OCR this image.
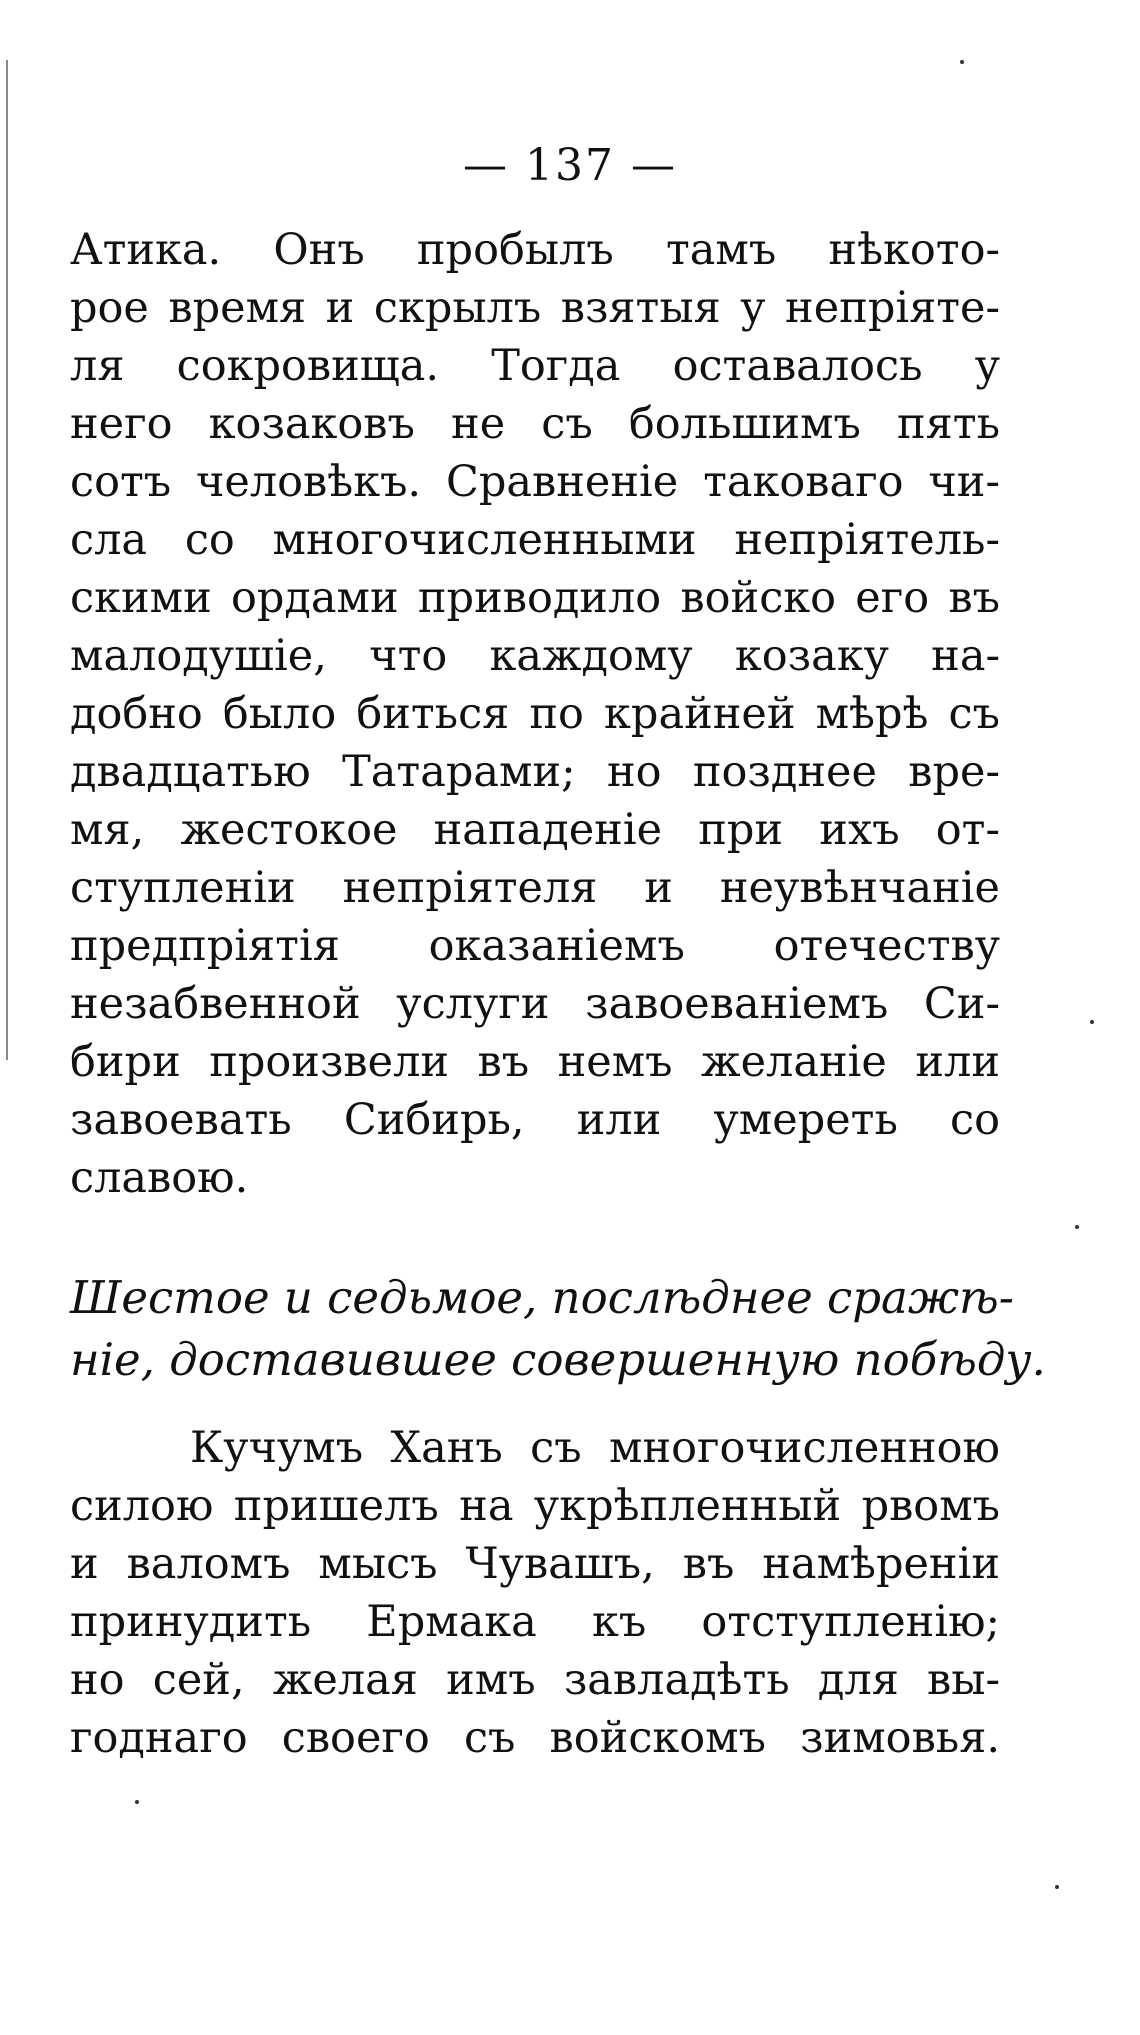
— 137 —
Атика. Онъ пробылъ тамъ нѣкото-
рое время и скрылъ взятыя у непріяте-
ля сокровища. Тогда оставалось у
него козаковъ не съ большимъ пять
сотъ человѣкъ. Сравненіе таковаго чи-
сла со многочисленными непріятель-
скими ордами приводило войско его въ
малодушіе, что каждому козаку на-
добно было биться по крайней мѣрѣ съ
двадцатью Татарами; но позднее вре-
мя, жестокое нападеніе при ихъ от-
ступленіи непріятеля и неувѣнчаніе
предпріятія оказаніемъ отечеству
незабвенной услуги завоеваніемъ Си-
бири произвели въ немъ желаніе или
завоевать Сибирь, или умереть со
славою.
Шестое и седьмое, послѣднее сражѣ-
ніе, доставившее совершенную побѣду.
Кучумъ Ханъ съ многочисленною
силою пришелъ на укрѣпленный рвомъ
и валомъ мысъ Чувашъ, въ намѣреніи
принудить Ермака къ отступленію;
но сей, желая имъ завладѣть для вы-
годнаго своего съ войскомъ зимовья.
